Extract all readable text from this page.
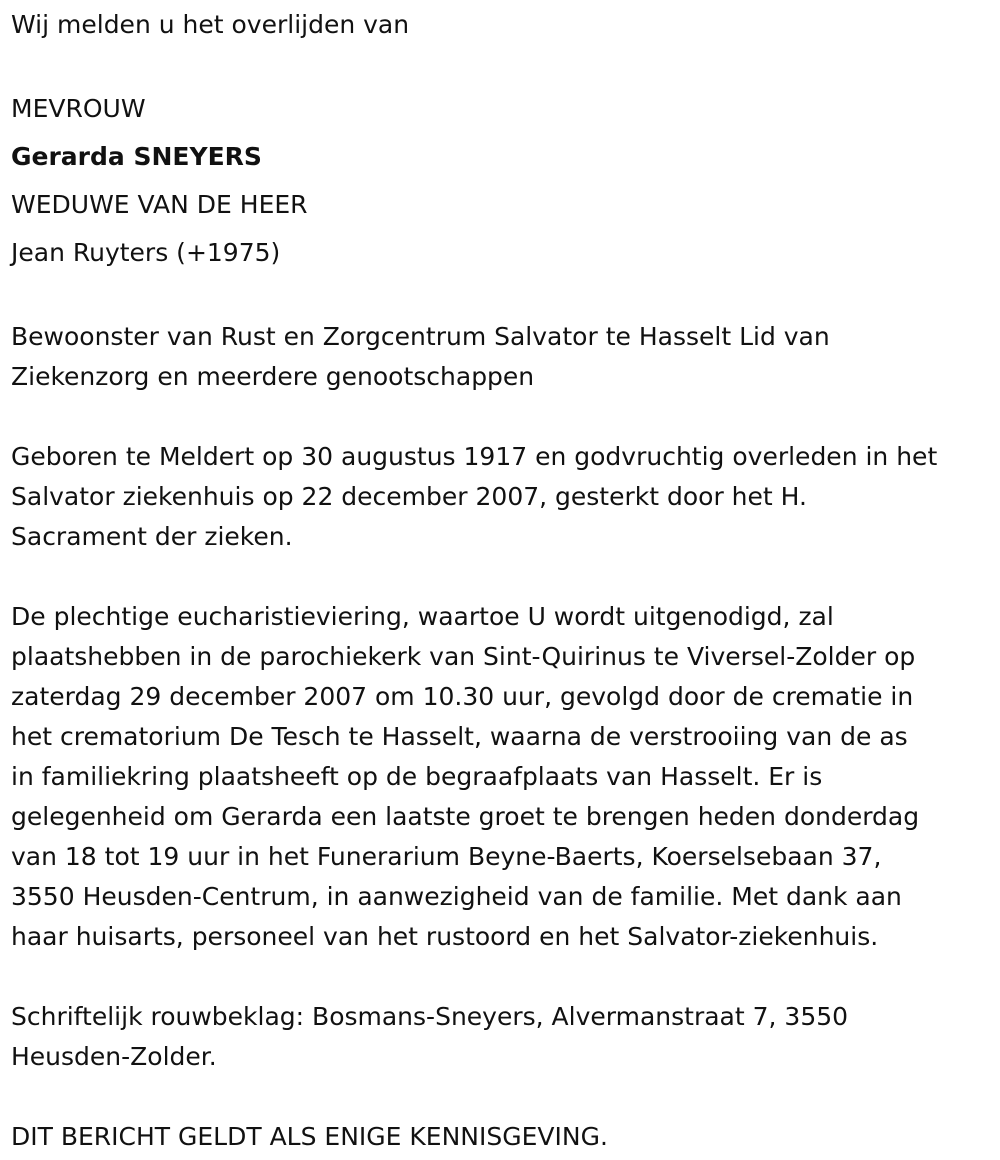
Wij melden u het overlijden van

MEVROUW

Gerarda SNEYERS

WEDUWE VAN DE HEER

Jean Ruyters (+1975)

Bewoonster van Rust en Zorgcentrum Salvator te Hasselt Lid van

Ziekenzorg en meerdere genootschappen

Geboren te Meldert op 30 augustus 1917 en godvruchtig overleden in het

Salvator ziekenhuis op 22 december 2007, gesterkt door het H.

Sacrament der zieken.

De plechtige eucharistieviering, waartoe U wordt uitgenodigd, zal

plaatshebben in de parochiekerk van Sint-Quirinus te Viversel-Zolder op

zaterdag 29 december 2007 om 10.30 uur, gevolgd door de crematie in

het crematorium De Tesch te Hasselt, waarna de verstrooiing van de as

in familiekring plaatsheeft op de begraafplaats van Hasselt. Er is

gelegenheid om Gerarda een laatste groet te brengen heden donderdag

van 18 tot 19 uur in het Funerarium Beyne-Baerts, Koerselsebaan 37,

3550 Heusden-Centrum, in aanwezigheid van de familie. Met dank aan

haar huisarts, personeel van het rustoord en het Salvator-ziekenhuis.

Schriftelijk rouwbeklag: Bosmans-Sneyers, Alvermanstraat 7, 3550

Heusden-Zolder.

DIT BERICHT GELDT ALS ENIGE KENNISGEVING.
